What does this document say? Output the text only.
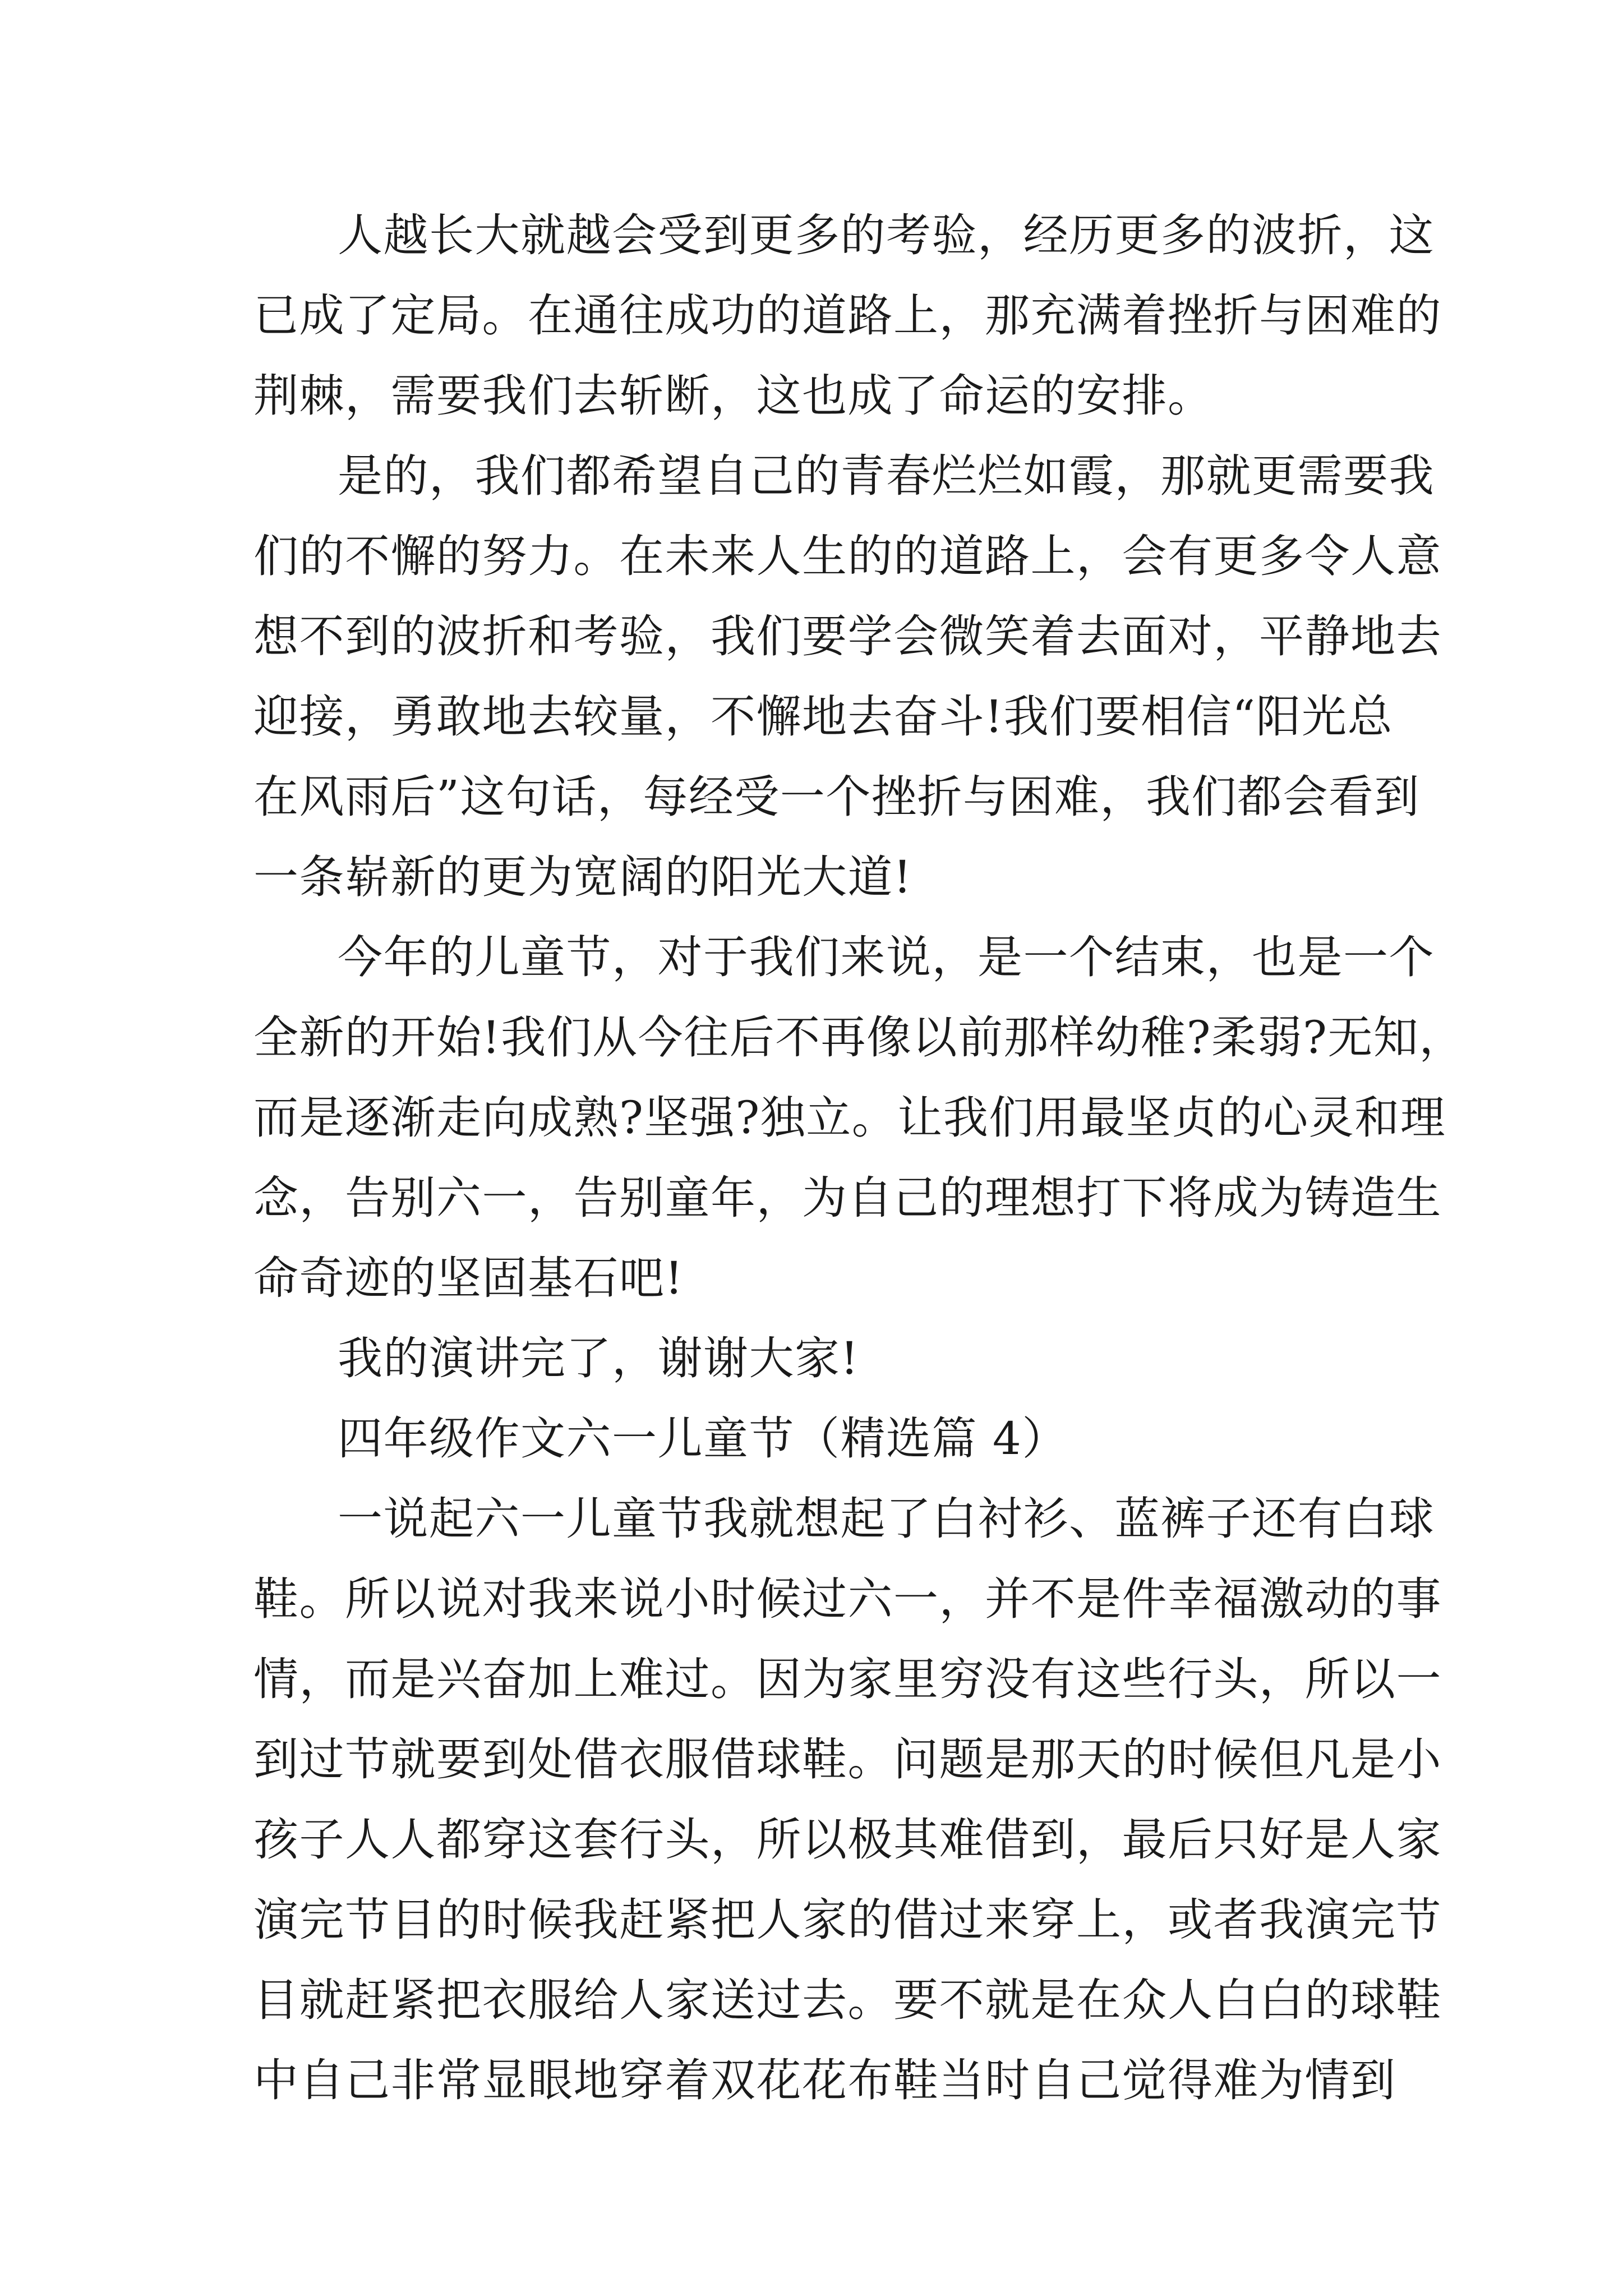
人越长大就越会受到更多的考验，经历更多的波折，这
已成了定局。在通往成功的道路上，那充满着挫折与困难的
荆棘，需要我们去斩断，这也成了命运的安排。
是的，我们都希望自己的青春烂烂如霞，那就更需要我
们的不懈的努力。在未来人生的的道路上，会有更多令人意
想不到的波折和考验，我们要学会微笑着去面对，平静地去
迎接，勇敢地去较量，不懈地去奋斗!我们要相信“阳光总
在风雨后”这句话，每经受一个挫折与困难，我们都会看到
一条崭新的更为宽阔的阳光大道!
今年的儿童节，对于我们来说，是一个结束，也是一个
全新的开始!我们从今往后不再像以前那样幼稚?柔弱?无知，
而是逐渐走向成熟?坚强?独立。让我们用最坚贞的心灵和理
念，告别六一，告别童年，为自己的理想打下将成为铸造生
命奇迹的坚固基石吧!
我的演讲完了，谢谢大家!
四年级作文六一儿童节（精选篇 4）
一说起六一儿童节我就想起了白衬衫、蓝裤子还有白球
鞋。所以说对我来说小时候过六一，并不是件幸福激动的事
情，而是兴奋加上难过。因为家里穷没有这些行头，所以一
到过节就要到处借衣服借球鞋。问题是那天的时候但凡是小
孩子人人都穿这套行头，所以极其难借到，最后只好是人家
演完节目的时候我赶紧把人家的借过来穿上，或者我演完节
目就赶紧把衣服给人家送过去。要不就是在众人白白的球鞋
中自己非常显眼地穿着双花花布鞋当时自己觉得难为情到
